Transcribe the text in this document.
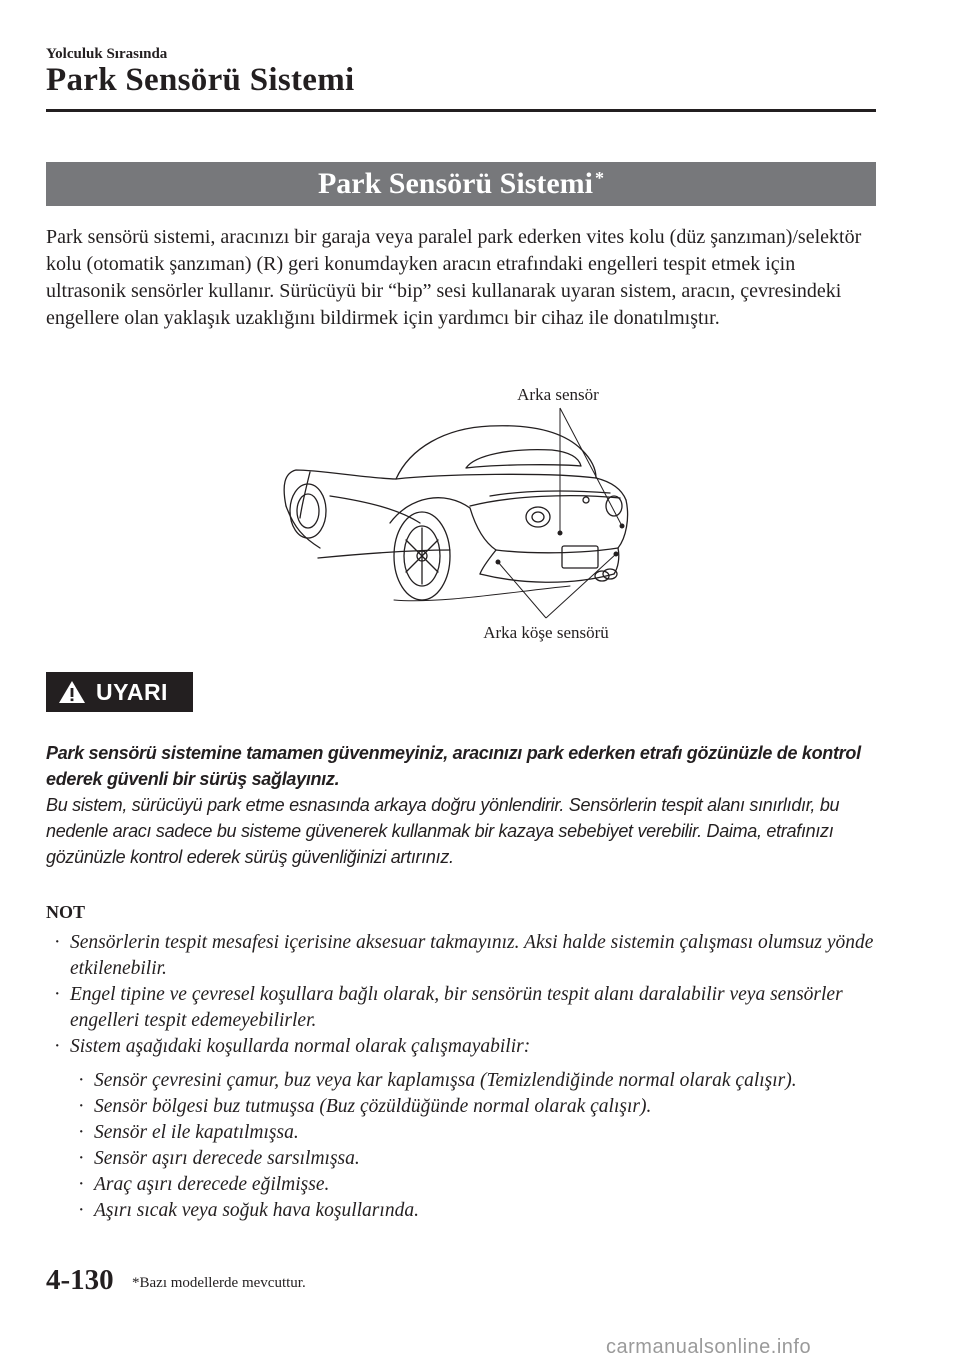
Yolculuk Sırasında
Park Sensörü Sistemi
Park Sensörü Sistemi *

Park sensörü sistemi, aracınızı bir garaja veya paralel park ederken vites kolu (düz şanzıman)/selektör kolu (otomatik şanzıman) (R) geri konumdayken aracın etrafındaki engelleri tespit etmek için ultrasonik sensörler kullanır. Sürücüyü bir “bip” sesi kullanarak uyaran sistem, aracın, çevresindeki engellere olan yaklaşık uzaklığını bildirmek için yardımcı bir cihaz ile donatılmıştır.

Arka sensör
Arka köşe sensörü
UYARI
Park sensörü sistemine tamamen güvenmeyiniz, aracınızı park ederken etrafı gözünüzle de kontrol ederek güvenli bir sürüş sağlayınız.
Bu sistem, sürücüyü park etme esnasında arkaya doğru yönlendirir. Sensörlerin tespit alanı sınırlıdır, bu nedenle aracı sadece bu sisteme güvenerek kullanmak bir kazaya sebebiyet verebilir. Daima, etrafınızı gözünüzle kontrol ederek sürüş güvenliğinizi artırınız.
NOT
· Sensörlerin tespit mesafesi içerisine aksesuar takmayınız. Aksi halde sistemin çalışması olumsuz yönde etkilenebilir.
· Engel tipine ve çevresel koşullara bağlı olarak, bir sensörün tespit alanı daralabilir veya sensörler engelleri tespit edemeyebilirler.
· Sistem aşağıdaki koşullarda normal olarak çalışmayabilir:
· Sensör çevresini çamur, buz veya kar kaplamışsa (Temizlendiğinde normal olarak çalışır).
· Sensör bölgesi buz tutmuşsa (Buz çözüldüğünde normal olarak çalışır).
· Sensör el ile kapatılmışsa.
· Sensör aşırı derecede sarsılmışsa.
· Araç aşırı derecede eğilmişse.
· Aşırı sıcak veya soğuk hava koşullarında.
4-130 *Bazı modellerde mevcuttur.
carmanualsonline.info
